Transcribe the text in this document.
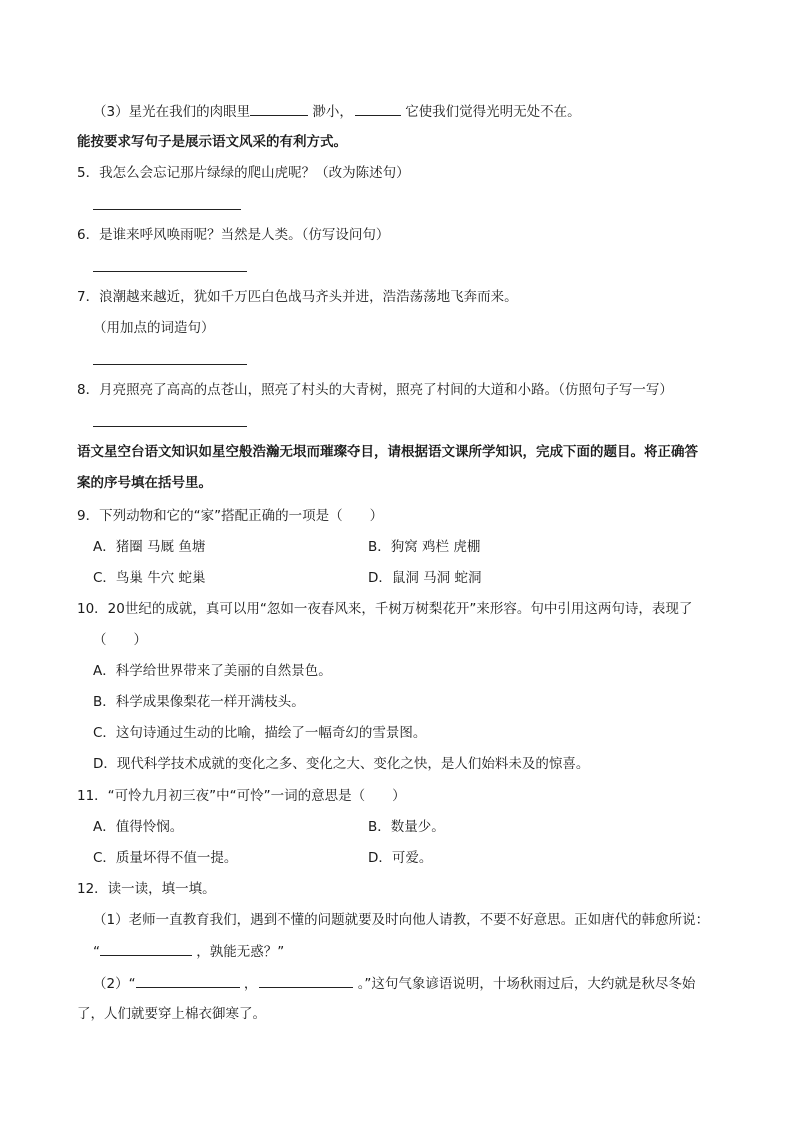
（3）星光在我们的肉眼里	渺小，	它使我们觉得光明无处不在。
能按要求写句子是展示语文风采的有利方式。
5．我怎么会忘记那片绿绿的爬山虎呢？（改为陈述句）
6．是谁来呼风唤雨呢？当然是人类。（仿写设问句）
7．浪潮越来越近，犹如千万匹白色战马齐头并进，浩浩荡荡地飞奔而来。
（用加点的词造句）
8．月亮照亮了高高的点苍山，照亮了村头的大青树，照亮了村间的大道和小路。（仿照句子写一写）
语文星空台语文知识如星空般浩瀚无垠而璀璨夺目，请根据语文课所学知识，完成下面的题目。将正确答
案的序号填在括号里。
9．下列动物和它的“家”搭配正确的一项是（　　）
A．猪圈 马厩 鱼塘	B．狗窝 鸡栏 虎棚
C．鸟巢 牛穴 蛇巢	D．鼠洞 马洞 蛇洞
10．20世纪的成就，真可以用“忽如一夜春风来，千树万树梨花开”来形容。句中引用这两句诗，表现了
（　　）
A．科学给世界带来了美丽的自然景色。
B．科学成果像梨花一样开满枝头。
C．这句诗通过生动的比喻，描绘了一幅奇幻的雪景图。
D．现代科学技术成就的变化之多、变化之大、变化之快，是人们始料未及的惊喜。
11．“可怜九月初三夜”中“可怜”一词的意思是（　　）
A．值得怜悯。	B．数量少。
C．质量坏得不值一提。	D．可爱。
12．读一读，填一填。
（1）老师一直教育我们，遇到不懂的问题就要及时向他人请教，不要不好意思。正如唐代的韩愈所说：
“	，孰能无惑？”
（2）“	，	。”这句气象谚语说明，十场秋雨过后，大约就是秋尽冬始
了，人们就要穿上棉衣御寒了。
